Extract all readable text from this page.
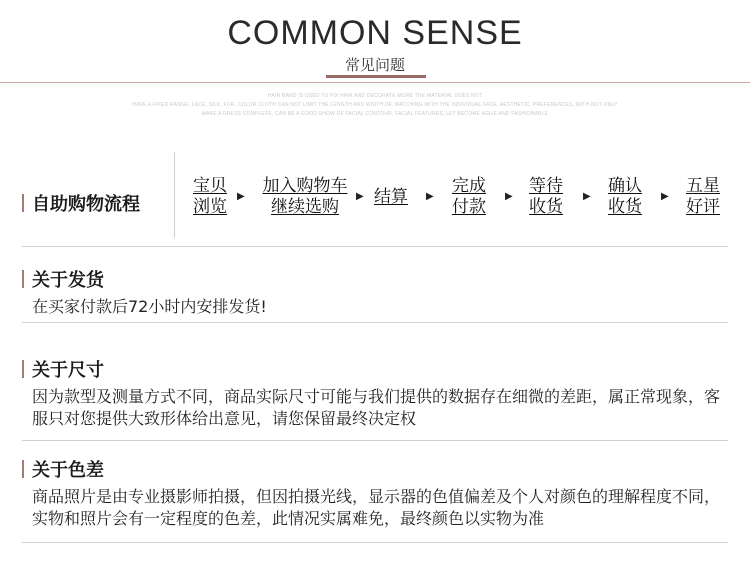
COMMON SENSE
常见问题
HAIR BAND IS USED TO FIX HAIR AND DECORATE MORE THE MATERIAL DOES NOT
HAVE A FIXED RANGE, LACE, SILK, FUR, COLOR CLOTH CAN NOT LIMIT THE LENGTH AND WIDTH OF, MATCHING WITH THE INDIVIDUAL FACE, AESTHETIC, PREFERENCES, WITH NOT ONLY
MAKE A DRESS COMPLETE, CAN BE A GOOD SHOW OF FACIAL CONTOUR, FACIAL FEATURES, LET BECOME AGILE AND FASHIONABLE
自助购物流程
宝贝
浏览
▶
加入购物车
继续选购
▶ 结算	▶
完成
付款
▶
等待
收货
▶
确认
收货
▶
五星
好评
关于发货
在买家付款后72小时内安排发货!
关于尺寸
因为款型及测量方式不同，商品实际尺寸可能与我们提供的数据存在细微的差距，属正常现象，客服只对您提供大致形体给出意见，请您保留最终决定权
关于色差
商品照片是由专业摄影师拍摄，但因拍摄光线，显示器的色值偏差及个人对颜色的理解程度不同，实物和照片会有一定程度的色差，此情况实属难免，最终颜色以实物为准
